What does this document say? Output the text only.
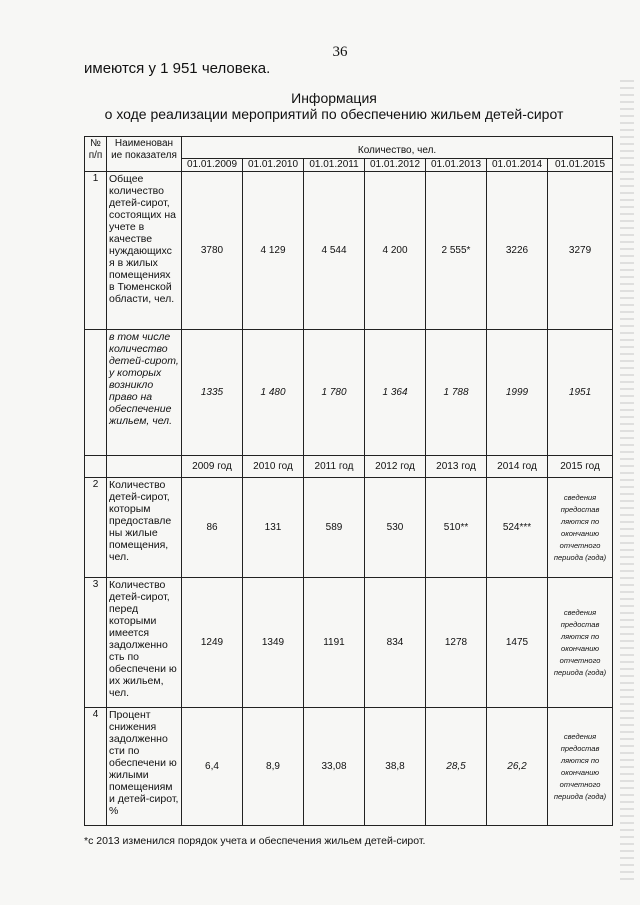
36
имеются у 1 951 человека.
Информация
о ходе реализации мероприятий по обеспечению жильем детей-сирот
№ п/п	Наименован ие показателя	Количество, чел.						
		01.01.2009	01.01.2010	01.01.2011	01.01.2012	01.01.2013	01.01.2014	01.01.2015
1	Общее количество детей-сирот, состоящих на учете в качестве нуждающихс я в жилых помещениях в Тюменской области, чел.	3780	4 129	4 544	4 200	2 555*	3226	3279
	в том числе количество детей-сирот, у которых возникло право на обеспечение жильем, чел.	1335	1 480	1 780	1 364	1 788	1999	1951
		2009 год	2010 год	2011 год	2012 год	2013 год	2014 год	2015 год
2	Количество детей-сирот, которым предоставле ны жилые помещения, чел.	86	131	589	530	510**	524***	сведения предостав ляются по окончанию отчетного периода (года)
3	Количество детей-сирот, перед которыми имеется задолженно сть по обеспечени ю их жильем, чел.	1249	1349	1191	834	1278	1475	сведения предостав ляются по окончанию отчетного периода (года)
4	Процент снижения задолженно сти по обеспечени ю жилыми помещениям и детей-сирот, %	6,4	8,9	33,08	38,8	28,5	26,2	сведения предостав ляются по окончанию отчетного периода (года)
*с 2013 изменился порядок учета и обеспечения жильем детей-сирот.
